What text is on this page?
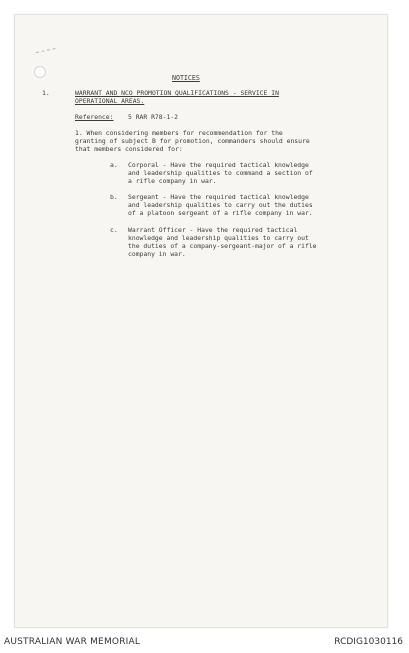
NOTICES
1.	WARRANT AND NCO PROMOTION QUALIFICATIONS - SERVICE IN
OPERATIONAL AREAS.
Reference: 5 RAR R78-1-2
1. When considering members for recommendation for the
granting of subject B for promotion, commanders should ensure
that members considered for:
a. Corporal - Have the required tactical knowledge
and leadership qualities to command a section of
a rifle company in war.
b. Sergeant - Have the required tactical knowledge
and leadership qualities to carry out the duties
of a platoon sergeant of a rifle company in war.
c. Warrant Officer - Have the required tactical
knowledge and leadership qualities to carry out
the duties of a company-sergeant-major of a rifle
company in war.
AUSTRALIAN WAR MEMORIAL	RCDIG1030116
